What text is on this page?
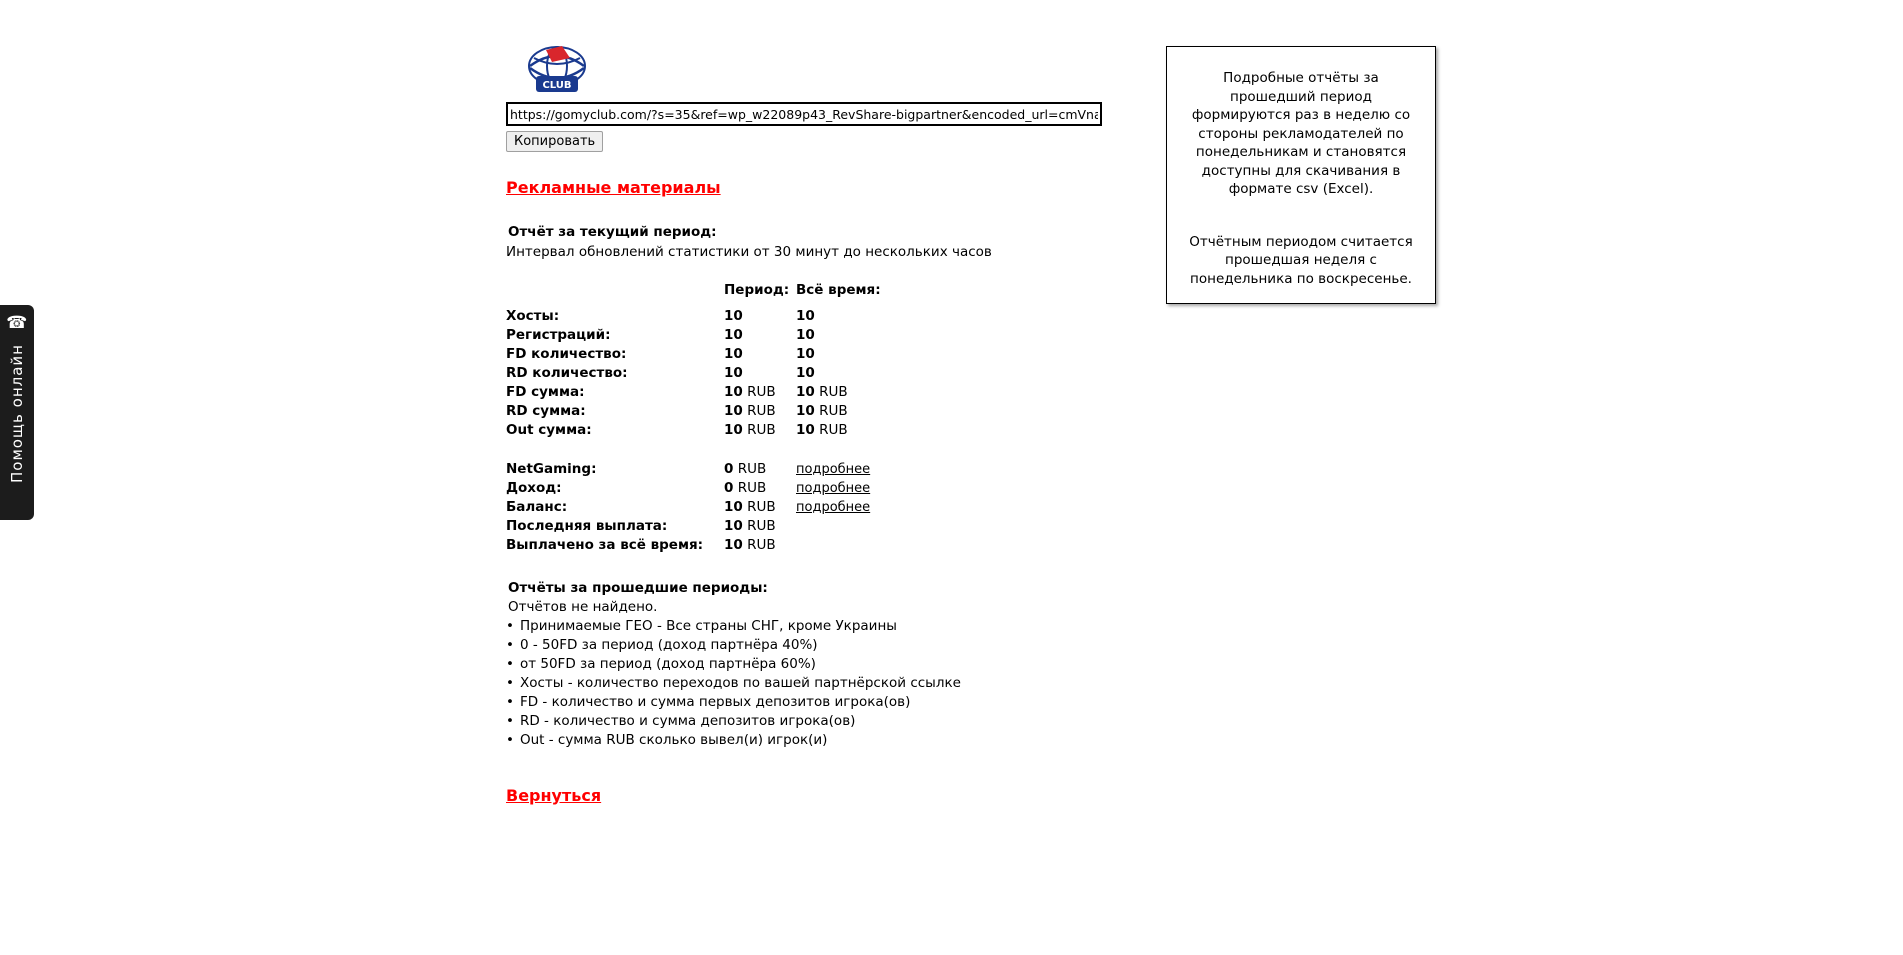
☎
Помощь онлайн
CLUB
https://gomyclub.com/?s=35&ref=wp_w22089p43_RevShare-bigpartner&encoded_url=cmVnaXN
Копировать
Рекламные материалы
Отчёт за текущий период:
Интервал обновлений статистики от 30 минут до нескольких часов
	Период:	Всё время:	
Хосты:	10	10	
Регистраций:	10	10	
FD количество:	10	10	
RD количество:	10	10	
FD сумма:	10 RUB	10 RUB	
RD сумма:	10 RUB	10 RUB	
Out сумма:	10 RUB	10 RUB	

NetGaming:	0 RUB	подробнее	
Доход:	0 RUB	подробнее	
Баланс:	10 RUB	подробнее	
Последняя выплата:	10 RUB		
Выплачено за всё время:	10 RUB		
Отчёты за прошедшие периоды:
Отчётов не найдено.
• Принимаемые ГЕО - Все страны СНГ, кроме Украины
• 0 - 50FD за период (доход партнёра 40%)
• от 50FD за период (доход партнёра 60%)
• Хосты - количество переходов по вашей партнёрской ссылке
• FD - количество и сумма первых депозитов игрока(ов)
• RD - количество и сумма депозитов игрока(ов)
• Out - сумма RUB сколько вывел(и) игрок(и)
Вернуться

Подробные отчёты за прошедший период формируются раз в неделю со стороны рекламодателей по понедельникам и становятся доступны для скачивания в формате csv (Excel).

Отчётным периодом считается прошедшая неделя с понедельника по воскресенье.
